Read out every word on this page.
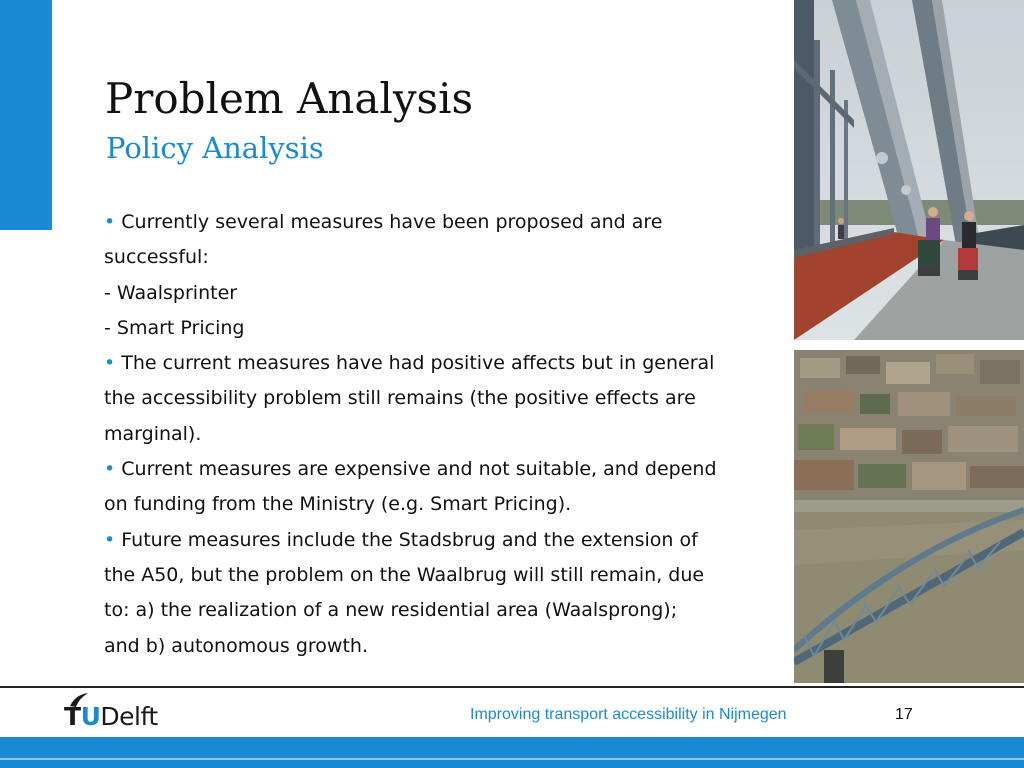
Problem Analysis
Policy Analysis
• Currently several measures have been proposed and are
successful:
- Waalsprinter
- Smart Pricing
• The current measures have had positive affects but in general
the accessibility problem still remains (the positive effects are
marginal).
• Current measures are expensive and not suitable, and depend
on funding from the Ministry (e.g. Smart Pricing).
• Future measures include the Stadsbrug and the extension of
the A50, but the problem on the Waalbrug will still remain, due
to: a) the realization of a new residential area (Waalsprong);
and b) autonomous growth.
TUDelft	Improving transport accessibility in Nijmegen	17
